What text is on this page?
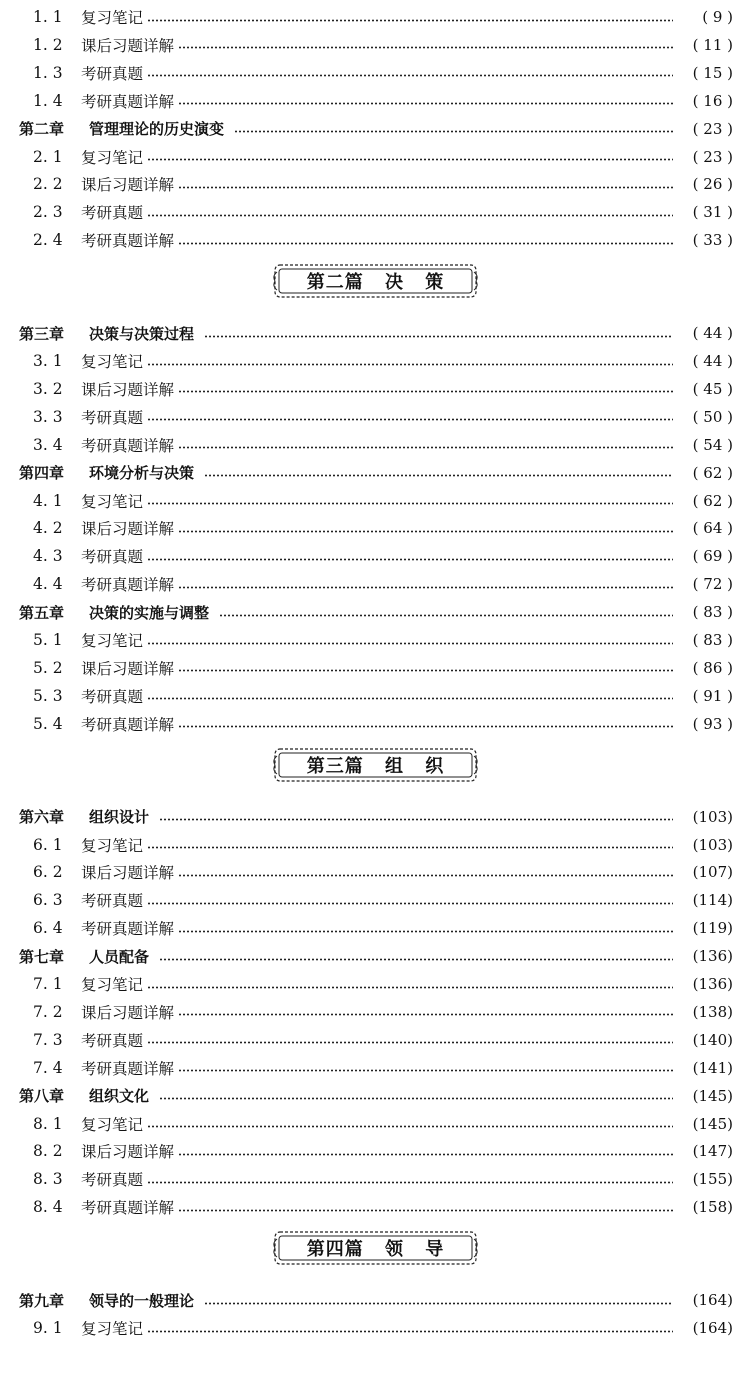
1. 1	复习笔记	( 9 )
1. 2	课后习题详解	( 11 )
1. 3	考研真题	( 15 )
1. 4	考研真题详解	( 16 )
第二章	管理理论的历史演变	( 23 )
2. 1	复习笔记	( 23 )
2. 2	课后习题详解	( 26 )
2. 3	考研真题	( 31 )
2. 4	考研真题详解	( 33 )
第二篇 决 策
第三章	决策与决策过程	( 44 )
3. 1	复习笔记	( 44 )
3. 2	课后习题详解	( 45 )
3. 3	考研真题	( 50 )
3. 4	考研真题详解	( 54 )
第四章	环境分析与决策	( 62 )
4. 1	复习笔记	( 62 )
4. 2	课后习题详解	( 64 )
4. 3	考研真题	( 69 )
4. 4	考研真题详解	( 72 )
第五章	决策的实施与调整	( 83 )
5. 1	复习笔记	( 83 )
5. 2	课后习题详解	( 86 )
5. 3	考研真题	( 91 )
5. 4	考研真题详解	( 93 )
第三篇 组 织
第六章	组织设计	(103)
6. 1	复习笔记	(103)
6. 2	课后习题详解	(107)
6. 3	考研真题	(114)
6. 4	考研真题详解	(119)
第七章	人员配备	(136)
7. 1	复习笔记	(136)
7. 2	课后习题详解	(138)
7. 3	考研真题	(140)
7. 4	考研真题详解	(141)
第八章	组织文化	(145)
8. 1	复习笔记	(145)
8. 2	课后习题详解	(147)
8. 3	考研真题	(155)
8. 4	考研真题详解	(158)
第四篇 领 导
第九章	领导的一般理论	(164)
9. 1	复习笔记	(164)
